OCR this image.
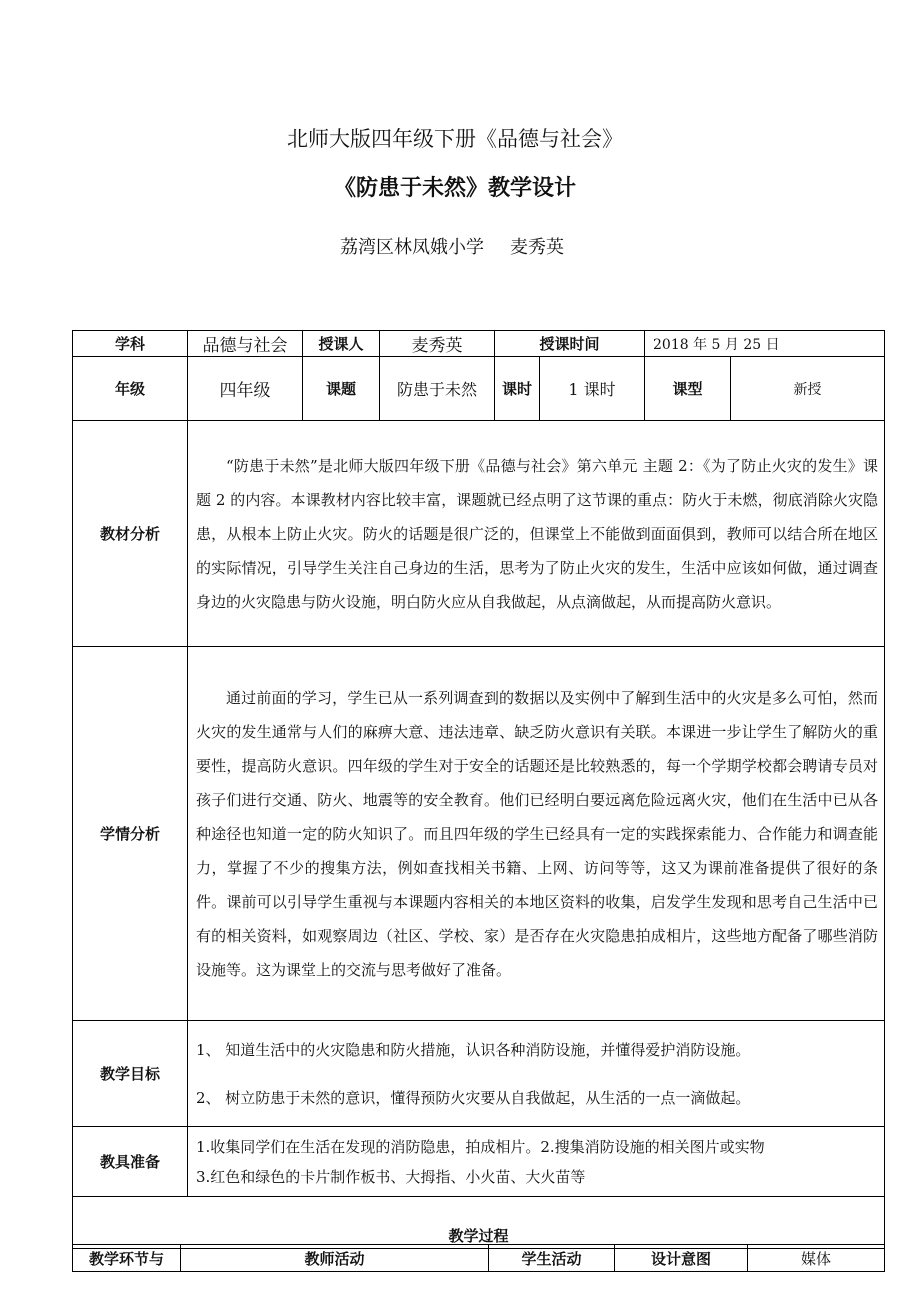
北师大版四年级下册《品德与社会》
《防患于未然》教学设计
荔湾区林凤娥小学 麦秀英
学科	品德与社会	授课人	麦秀英	授课时间		2018 年 5 月 25 日	
年级	四年级	课题	防患于未然	课时	1 课时	课型	新授
教材分析	“防患于未然”是北师大版四年级下册《品德与社会》第六单元 主题 2：《为了防止火灾的发生》课题 2 的内容。本课教材内容比较丰富，课题就已经点明了这节课的重点：防火于未燃，彻底消除火灾隐患，从根本上防止火灾。防火的话题是很广泛的，但课堂上不能做到面面俱到，教师可以结合所在地区的实际情况，引导学生关注自己身边的生活，思考为了防止火灾的发生，生活中应该如何做，通过调查身边的火灾隐患与防火设施，明白防火应从自我做起，从点滴做起，从而提高防火意识。						
学情分析	通过前面的学习，学生已从一系列调查到的数据以及实例中了解到生活中的火灾是多么可怕，然而火灾的发生通常与人们的麻痹大意、违法违章、缺乏防火意识有关联。本课进一步让学生了解防火的重要性，提高防火意识。四年级的学生对于安全的话题还是比较熟悉的，每一个学期学校都会聘请专员对孩子们进行交通、防火、地震等的安全教育。他们已经明白要远离危险远离火灾，他们在生活中已从各种途径也知道一定的防火知识了。而且四年级的学生已经具有一定的实践探索能力、合作能力和调查能力，掌握了不少的搜集方法，例如查找相关书籍、上网、访问等等，这又为课前准备提供了很好的条件。课前可以引导学生重视与本课题内容相关的本地区资料的收集，启发学生发现和思考自己生活中已有的相关资料，如观察周边（社区、学校、家）是否存在火灾隐患拍成相片，这些地方配备了哪些消防设施等。这为课堂上的交流与思考做好了准备。						
教学目标	1、 知道生活中的火灾隐患和防火措施，认识各种消防设施，并懂得爱护消防设施。

2、 树立防患于未然的意识，懂得预防火灾要从自我做起，从生活的一点一滴做起。						

教具准备	1.收集同学们在生活在发现的消防隐患，拍成相片。2.搜集消防设施的相关图片或实物

3.红色和绿色的卡片制作板书、大拇指、小火苗、大火苗等						

教学过程							
教学环节与	教师活动	学生活动	设计意图	媒体
